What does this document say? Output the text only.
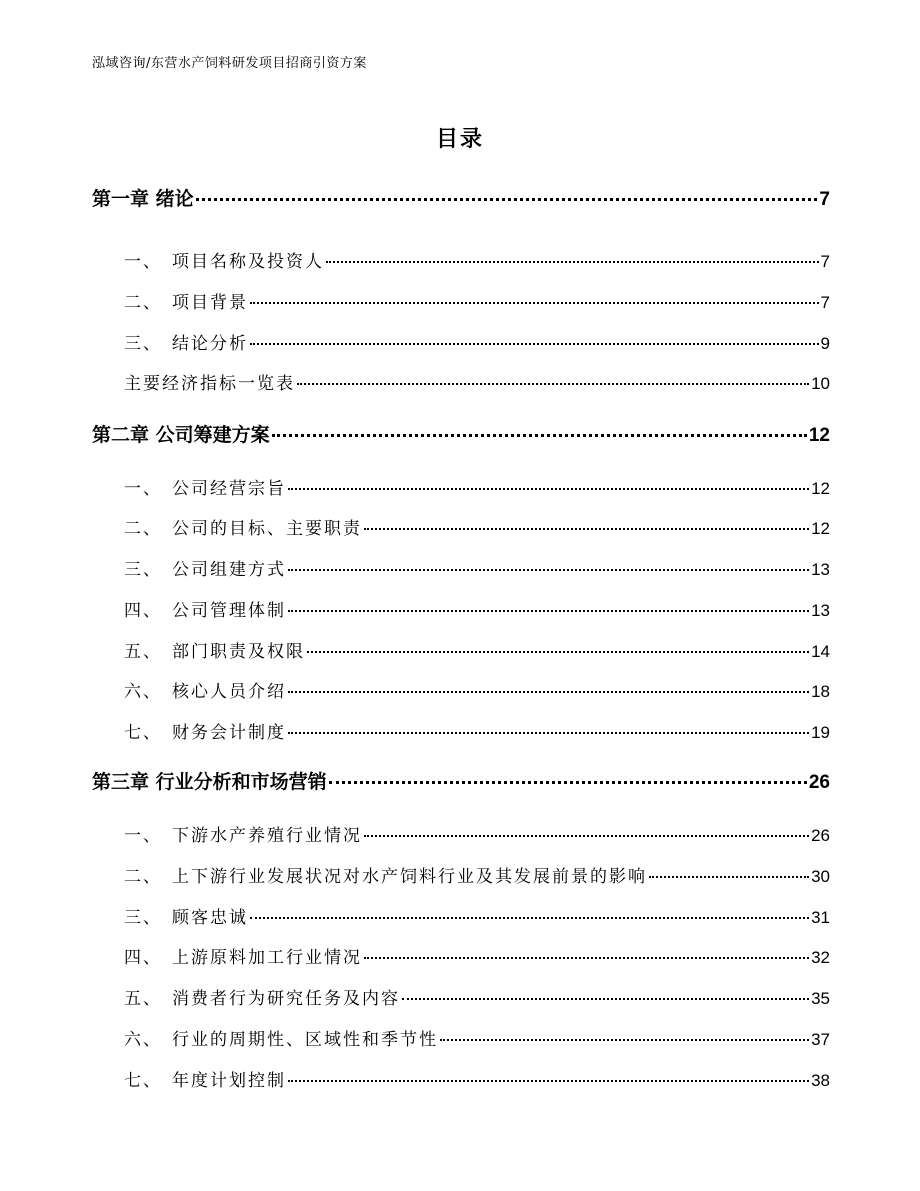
泓域咨询/东营水产饲料研发项目招商引资方案
目录
第一章 绪论	7
一、 项目名称及投资人	7
二、 项目背景	7
三、 结论分析	9
主要经济指标一览表	10
第二章 公司筹建方案	12
一、 公司经营宗旨	12
二、 公司的目标、主要职责	12
三、 公司组建方式	13
四、 公司管理体制	13
五、 部门职责及权限	14
六、 核心人员介绍	18
七、 财务会计制度	19
第三章 行业分析和市场营销	26
一、 下游水产养殖行业情况	26
二、 上下游行业发展状况对水产饲料行业及其发展前景的影响	30
三、 顾客忠诚	31
四、 上游原料加工行业情况	32
五、 消费者行为研究任务及内容	35
六、 行业的周期性、区域性和季节性	37
七、 年度计划控制	38
